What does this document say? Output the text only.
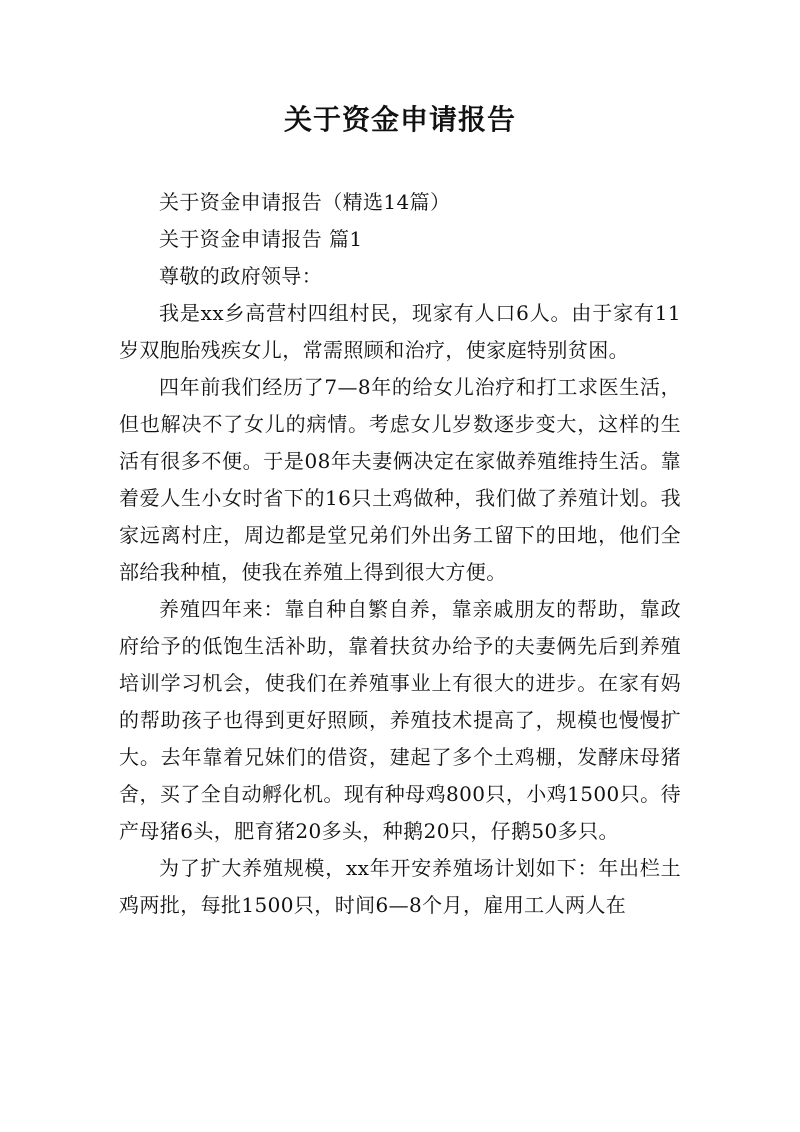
关于资金申请报告

关于资金申请报告（精选14篇）

关于资金申请报告 篇1

尊敬的政府领导：

我是xx乡高营村四组村民，现家有人口6人。由于家有11岁双胞胎残疾女儿，常需照顾和治疗，使家庭特别贫困。

四年前我们经历了7—8年的给女儿治疗和打工求医生活，但也解决不了女儿的病情。考虑女儿岁数逐步变大，这样的生活有很多不便。于是08年夫妻俩决定在家做养殖维持生活。靠着爱人生小女时省下的16只土鸡做种，我们做了养殖计划。我家远离村庄，周边都是堂兄弟们外出务工留下的田地，他们全部给我种植，使我在养殖上得到很大方便。

养殖四年来：靠自种自繁自养，靠亲戚朋友的帮助，靠政府给予的低饱生活补助，靠着扶贫办给予的夫妻俩先后到养殖培训学习机会，使我们在养殖事业上有很大的进步。在家有妈的帮助孩子也得到更好照顾，养殖技术提高了，规模也慢慢扩大。去年靠着兄妹们的借资，建起了多个土鸡棚，发酵床母猪舍，买了全自动孵化机。现有种母鸡800只，小鸡1500只。待产母猪6头，肥育猪20多头，种鹅20只，仔鹅50多只。

为了扩大养殖规模，xx年开安养殖场计划如下：年出栏土鸡两批，每批1500只，时间6—8个月，雇用工人两人在
